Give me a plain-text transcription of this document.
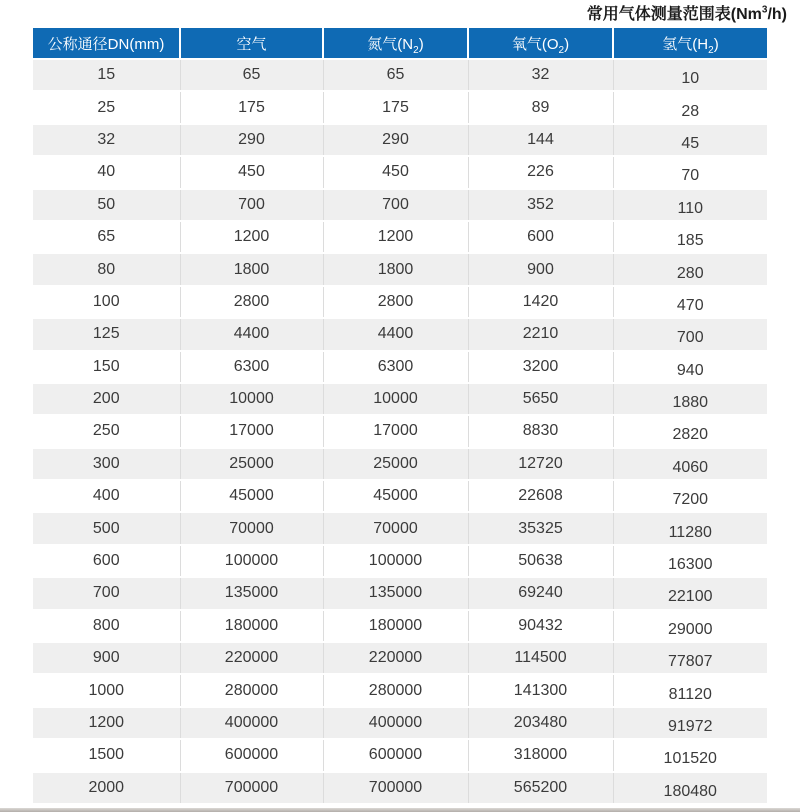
常用气体测量范围表(Nm$^3$/h)
公称通径DN(mm)	空气	氮气$(N_2)$	氧气$(O_2)$	氢气$(H_2)$
15	65	65	32	10
25	175	175	89	28
32	290	290	144	45
40	450	450	226	70
50	700	700	352	110
65	1200	1200	600	185
80	1800	1800	900	280
100	2800	2800	1420	470
125	4400	4400	2210	700
150	6300	6300	3200	940
200	10000	10000	5650	1880
250	17000	17000	8830	2820
300	25000	25000	12720	4060
400	45000	45000	22608	7200
500	70000	70000	35325	11280
600	100000	100000	50638	16300
700	135000	135000	69240	22100
800	180000	180000	90432	29000
900	220000	220000	114500	77807
1000	280000	280000	141300	81120
1200	400000	400000	203480	91972
1500	600000	600000	318000	101520
2000	700000	700000	565200	180480
